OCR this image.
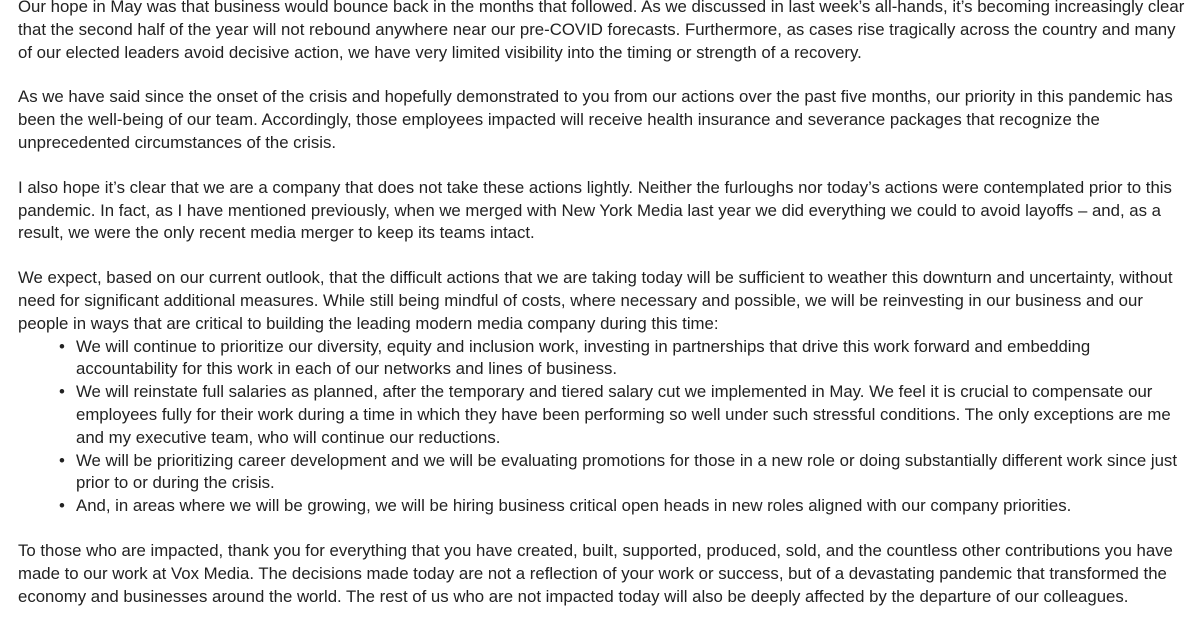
Our hope in May was that business would bounce back in the months that followed. As we discussed in last week’s all-hands, it’s becoming increasingly clear that the second half of the year will not rebound anywhere near our pre-COVID forecasts. Furthermore, as cases rise tragically across the country and many of our elected leaders avoid decisive action, we have very limited visibility into the timing or strength of a recovery.

As we have said since the onset of the crisis and hopefully demonstrated to you from our actions over the past five months, our priority in this pandemic has been the well-being of our team. Accordingly, those employees impacted will receive health insurance and severance packages that recognize the unprecedented circumstances of the crisis.

I also hope it’s clear that we are a company that does not take these actions lightly. Neither the furloughs nor today’s actions were contemplated prior to this pandemic. In fact, as I have mentioned previously, when we merged with New York Media last year we did everything we could to avoid layoffs – and, as a result, we were the only recent media merger to keep its teams intact.

We expect, based on our current outlook, that the difficult actions that we are taking today will be sufficient to weather this downturn and uncertainty, without need for significant additional measures. While still being mindful of costs, where necessary and possible, we will be reinvesting in our business and our people in ways that are critical to building the leading modern media company during this time:

• We will continue to prioritize our diversity, equity and inclusion work, investing in partnerships that drive this work forward and embedding accountability for this work in each of our networks and lines of business.
• We will reinstate full salaries as planned, after the temporary and tiered salary cut we implemented in May. We feel it is crucial to compensate our employees fully for their work during a time in which they have been performing so well under such stressful conditions. The only exceptions are me and my executive team, who will continue our reductions.
• We will be prioritizing career development and we will be evaluating promotions for those in a new role or doing substantially different work since just prior to or during the crisis.
• And, in areas where we will be growing, we will be hiring business critical open heads in new roles aligned with our company priorities.

To those who are impacted, thank you for everything that you have created, built, supported, produced, sold, and the countless other contributions you have made to our work at Vox Media. The decisions made today are not a reflection of your work or success, but of a devastating pandemic that transformed the economy and businesses around the world. The rest of us who are not impacted today will also be deeply affected by the departure of our colleagues.
